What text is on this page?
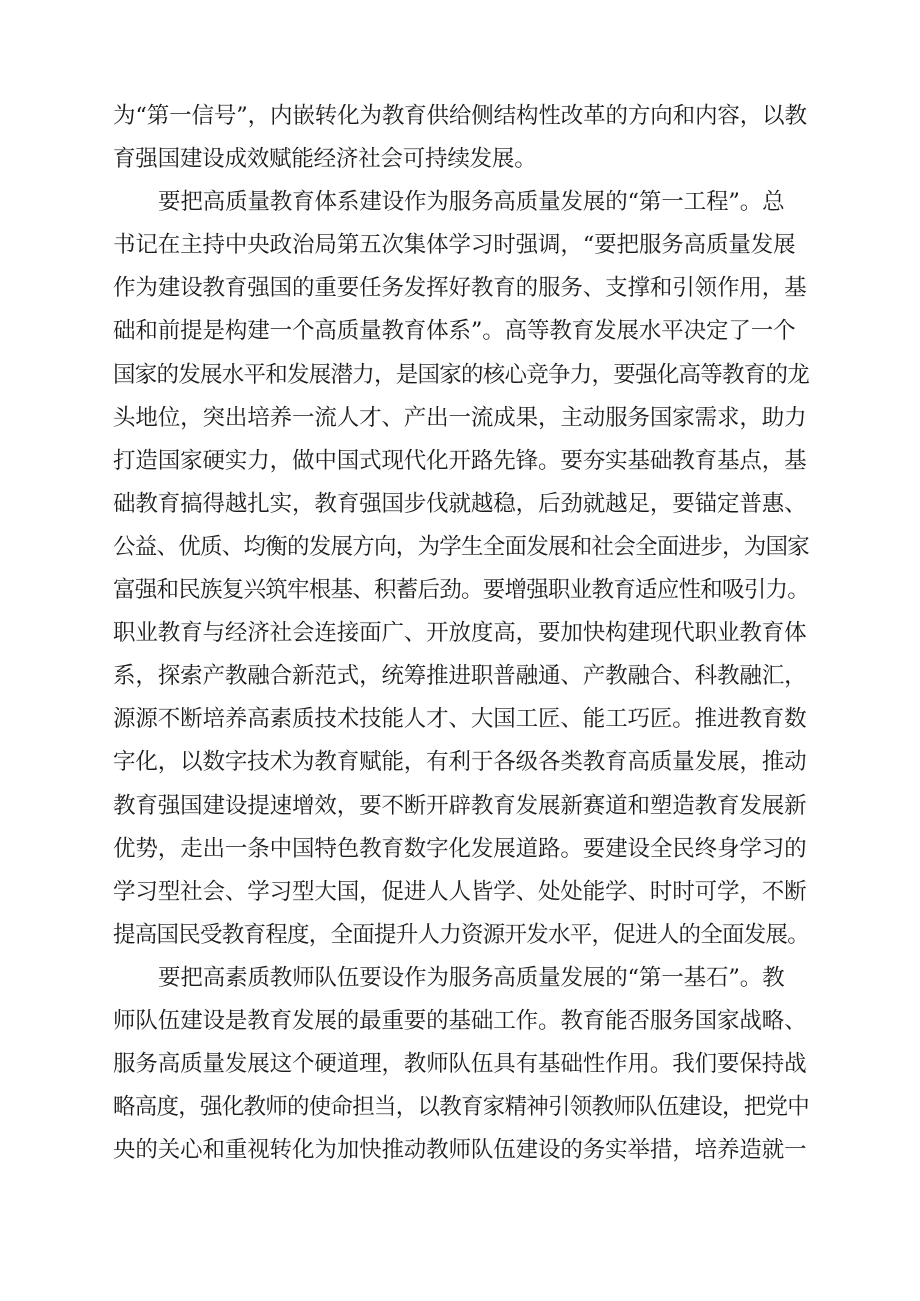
为“第一信号”，内嵌转化为教育供给侧结构性改革的方向和内容，以教
育强国建设成效赋能经济社会可持续发展。
要把高质量教育体系建设作为服务高质量发展的“第一工程”。总
书记在主持中央政治局第五次集体学习时强调，“要把服务高质量发展
作为建设教育强国的重要任务发挥好教育的服务、支撑和引领作用，基
础和前提是构建一个高质量教育体系”。高等教育发展水平决定了一个
国家的发展水平和发展潜力，是国家的核心竞争力，要强化高等教育的龙
头地位，突出培养一流人才、产出一流成果，主动服务国家需求，助力
打造国家硬实力，做中国式现代化开路先锋。要夯实基础教育基点，基
础教育搞得越扎实，教育强国步伐就越稳，后劲就越足，要锚定普惠、
公益、优质、均衡的发展方向，为学生全面发展和社会全面进步，为国家
富强和民族复兴筑牢根基、积蓄后劲。要增强职业教育适应性和吸引力。
职业教育与经济社会连接面广、开放度高，要加快构建现代职业教育体
系，探索产教融合新范式，统筹推进职普融通、产教融合、科教融汇，
源源不断培养高素质技术技能人才、大国工匠、能工巧匠。推进教育数
字化，以数字技术为教育赋能，有利于各级各类教育高质量发展，推动
教育强国建设提速增效，要不断开辟教育发展新赛道和塑造教育发展新
优势，走出一条中国特色教育数字化发展道路。要建设全民终身学习的
学习型社会、学习型大国，促进人人皆学、处处能学、时时可学，不断
提高国民受教育程度，全面提升人力资源开发水平，促进人的全面发展。
要把高素质教师队伍要设作为服务高质量发展的“第一基石”。教
师队伍建设是教育发展的最重要的基础工作。教育能否服务国家战略、
服务高质量发展这个硬道理，教师队伍具有基础性作用。我们要保持战
略高度，强化教师的使命担当，以教育家精神引领教师队伍建设，把党中
央的关心和重视转化为加快推动教师队伍建设的务实举措，培养造就一
